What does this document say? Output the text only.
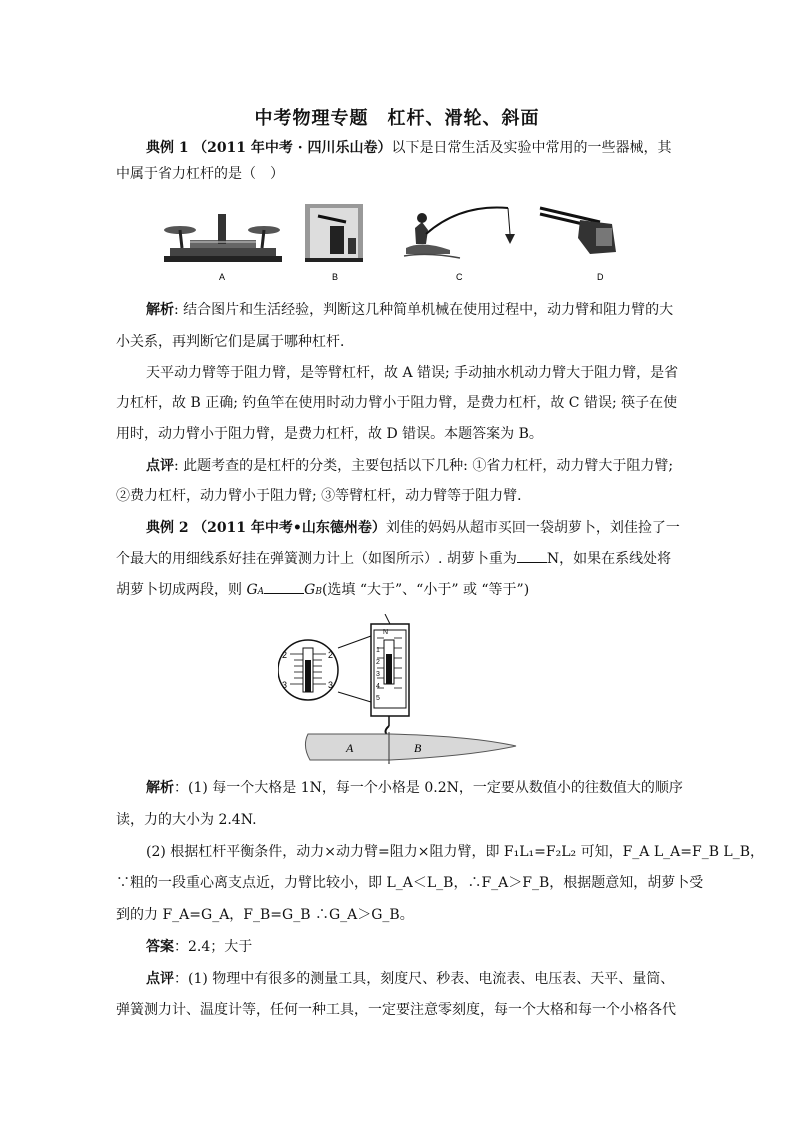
中考物理专题　杠杆、滑轮、斜面
典例 1 （2011 年中考 · 四川乐山卷）以下是日常生活及实验中常用的一些器械，其
中属于省力杠杆的是（　）
A	B	C	D
解析: 结合图片和生活经验，判断这几种简单机械在使用过程中，动力臂和阻力臂的大
小关系，再判断它们是属于哪种杠杆．
天平动力臂等于阻力臂，是等臂杠杆，故 A 错误; 手动抽水机动力臂大于阻力臂，是省
力杠杆，故 B 正确; 钓鱼竿在使用时动力臂小于阻力臂，是费力杠杆，故 C 错误; 筷子在使
用时，动力臂小于阻力臂，是费力杠杆，故 D 错误。本题答案为 B。
点评: 此题考查的是杠杆的分类，主要包括以下几种: ①省力杠杆，动力臂大于阻力臂;
②费力杠杆，动力臂小于阻力臂; ③等臂杠杆，动力臂等于阻力臂．
典例 2 （2011 年中考•山东德州卷）刘佳的妈妈从超市买回一袋胡萝卜，刘佳捡了一
个最大的用细线系好挂在弹簧测力计上（如图所示）. 胡萝卜重为 N，如果在系线处将
胡萝卜切成两段，则 GA	GB(选填 “大于”、“小于” 或 “等于”)
N
1
2
3
4
5
2
3
2
3
A	B
解析：(1) 每一个大格是 1N，每一个小格是 0.2N，一定要从数值小的往数值大的顺序
读，力的大小为 2.4N.
(2) 根据杠杆平衡条件，动力×动力臂=阻力×阻力臂，即 F₁L₁=F₂L₂ 可知，F_A L_A=F_B L_B，
∵粗的一段重心离支点近，力臂比较小，即 L_A＜L_B，∴F_A＞F_B，根据题意知，胡萝卜受
到的力 F_A=G_A，F_B=G_B ∴G_A＞G_B。
答案：2.4；大于
点评：(1) 物理中有很多的测量工具，刻度尺、秒表、电流表、电压表、天平、量筒、
弹簧测力计、温度计等，任何一种工具，一定要注意零刻度，每一个大格和每一个小格各代
